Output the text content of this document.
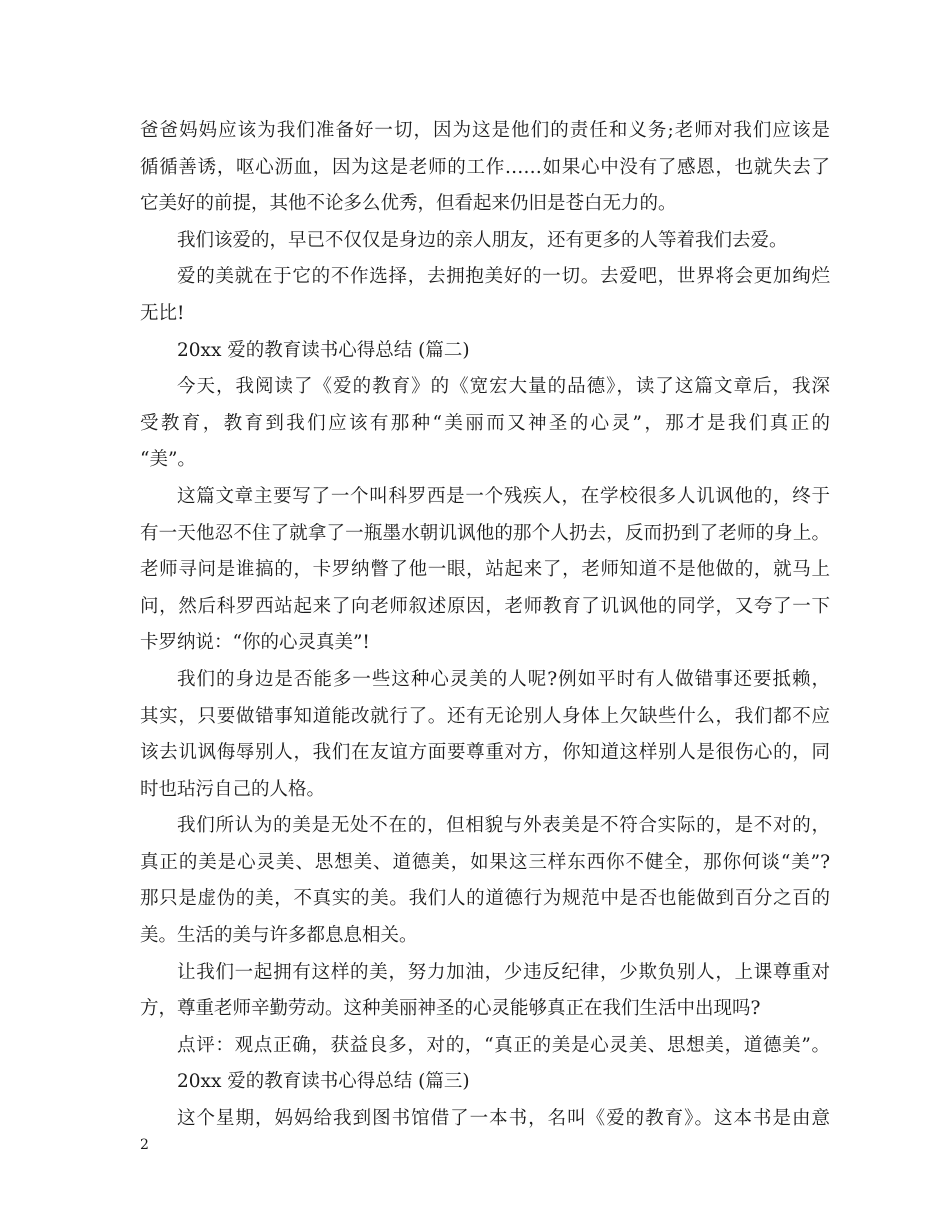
爸爸妈妈应该为我们准备好一切，因为这是他们的责任和义务;老师对我们应该是
循循善诱，呕心沥血，因为这是老师的工作……如果心中没有了感恩，也就失去了
它美好的前提，其他不论多么优秀，但看起来仍旧是苍白无力的。
我们该爱的，早已不仅仅是身边的亲人朋友，还有更多的人等着我们去爱。
爱的美就在于它的不作选择，去拥抱美好的一切。去爱吧，世界将会更加绚烂
无比!
20xx 爱的教育读书心得总结 (篇二)
今天，我阅读了《爱的教育》的《宽宏大量的品德》，读了这篇文章后，我深
受教育，教育到我们应该有那种“美丽而又神圣的心灵”，那才是我们真正的
“美”。
这篇文章主要写了一个叫科罗西是一个残疾人，在学校很多人讥讽他的，终于
有一天他忍不住了就拿了一瓶墨水朝讥讽他的那个人扔去，反而扔到了老师的身上。
老师寻问是谁搞的，卡罗纳瞥了他一眼，站起来了，老师知道不是他做的，就马上
问，然后科罗西站起来了向老师叙述原因，老师教育了讥讽他的同学，又夸了一下
卡罗纳说：“你的心灵真美”!
我们的身边是否能多一些这种心灵美的人呢?例如平时有人做错事还要抵赖，
其实，只要做错事知道能改就行了。还有无论别人身体上欠缺些什么，我们都不应
该去讥讽侮辱别人，我们在友谊方面要尊重对方，你知道这样别人是很伤心的，同
时也玷污自己的人格。
我们所认为的美是无处不在的，但相貌与外表美是不符合实际的，是不对的，
真正的美是心灵美、思想美、道德美，如果这三样东西你不健全，那你何谈“美”?
那只是虚伪的美，不真实的美。我们人的道德行为规范中是否也能做到百分之百的
美。生活的美与许多都息息相关。
让我们一起拥有这样的美，努力加油，少违反纪律，少欺负别人，上课尊重对
方，尊重老师辛勤劳动。这种美丽神圣的心灵能够真正在我们生活中出现吗?
点评：观点正确，获益良多，对的，“真正的美是心灵美、思想美，道德美”。
20xx 爱的教育读书心得总结 (篇三)
这个星期，妈妈给我到图书馆借了一本书，名叫《爱的教育》。这本书是由意
2
